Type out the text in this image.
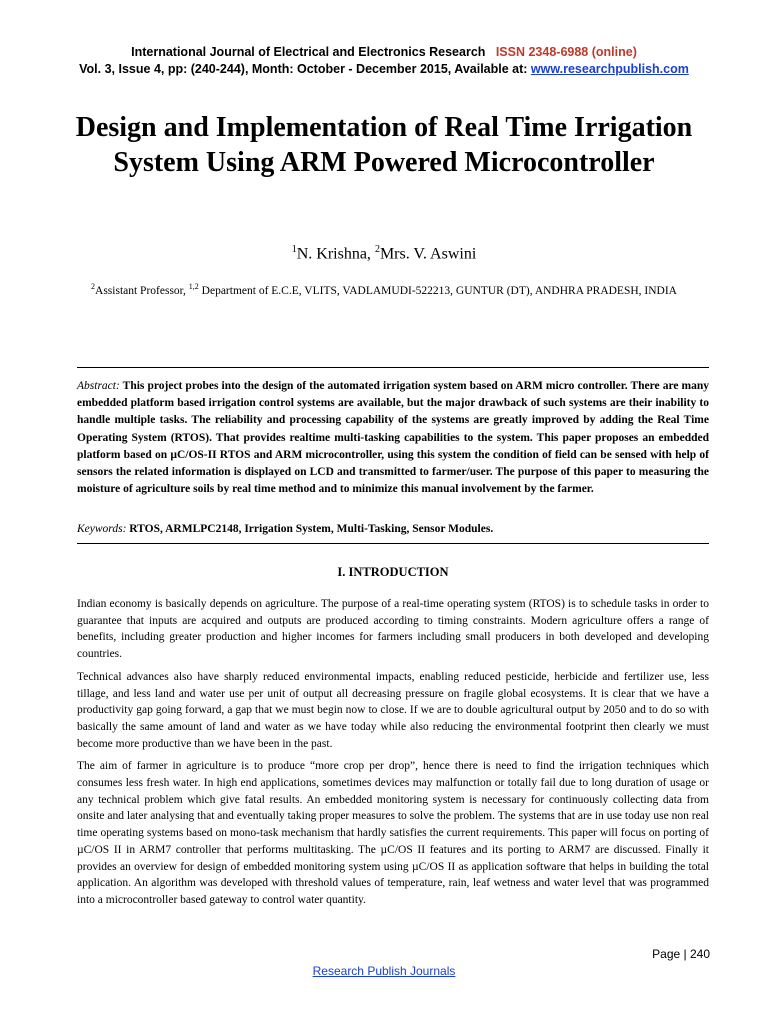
International Journal of Electrical and Electronics Research ISSN 2348-6988 (online)
Vol. 3, Issue 4, pp: (240-244), Month: October - December 2015, Available at: www.researchpublish.com
Design and Implementation of Real Time Irrigation System Using ARM Powered Microcontroller
$^1$N. Krishna, $^2$Mrs. V. Aswini
$^2$Assistant Professor, $^{1,2}$ Department of E.C.E, VLITS, VADLAMUDI-522213, GUNTUR (DT), ANDHRA PRADESH, INDIA
Abstract: This project probes into the design of the automated irrigation system based on ARM micro controller. There are many embedded platform based irrigation control systems are available, but the major drawback of such systems are their inability to handle multiple tasks. The reliability and processing capability of the systems are greatly improved by adding the Real Time Operating System (RTOS). That provides realtime multi-tasking capabilities to the system. This paper proposes an embedded platform based on µC/OS-II RTOS and ARM microcontroller, using this system the condition of field can be sensed with help of sensors the related information is displayed on LCD and transmitted to farmer/user. The purpose of this paper to measuring the moisture of agriculture soils by real time method and to minimize this manual involvement by the farmer.
Keywords: RTOS, ARMLPC2148, Irrigation System, Multi-Tasking, Sensor Modules.
I. INTRODUCTION

Indian economy is basically depends on agriculture. The purpose of a real-time operating system (RTOS) is to schedule tasks in order to guarantee that inputs are acquired and outputs are produced according to timing constraints. Modern agriculture offers a range of benefits, including greater production and higher incomes for farmers including small producers in both developed and developing countries.

Technical advances also have sharply reduced environmental impacts, enabling reduced pesticide, herbicide and fertilizer use, less tillage, and less land and water use per unit of output all decreasing pressure on fragile global ecosystems. It is clear that we have a productivity gap going forward, a gap that we must begin now to close. If we are to double agricultural output by 2050 and to do so with basically the same amount of land and water as we have today while also reducing the environmental footprint then clearly we must become more productive than we have been in the past.

The aim of farmer in agriculture is to produce “more crop per drop”, hence there is need to find the irrigation techniques which consumes less fresh water. In high end applications, sometimes devices may malfunction or totally fail due to long duration of usage or any technical problem which give fatal results. An embedded monitoring system is necessary for continuously collecting data from onsite and later analysing that and eventually taking proper measures to solve the problem. The systems that are in use today use non real time operating systems based on mono-task mechanism that hardly satisfies the current requirements. This paper will focus on porting of µC/OS II in ARM7 controller that performs multitasking. The µC/OS II features and its porting to ARM7 are discussed. Finally it provides an overview for design of embedded monitoring system using µC/OS II as application software that helps in building the total application. An algorithm was developed with threshold values of temperature, rain, leaf wetness and water level that was programmed into a microcontroller based gateway to control water quantity.

Page | 240
Research Publish Journals
